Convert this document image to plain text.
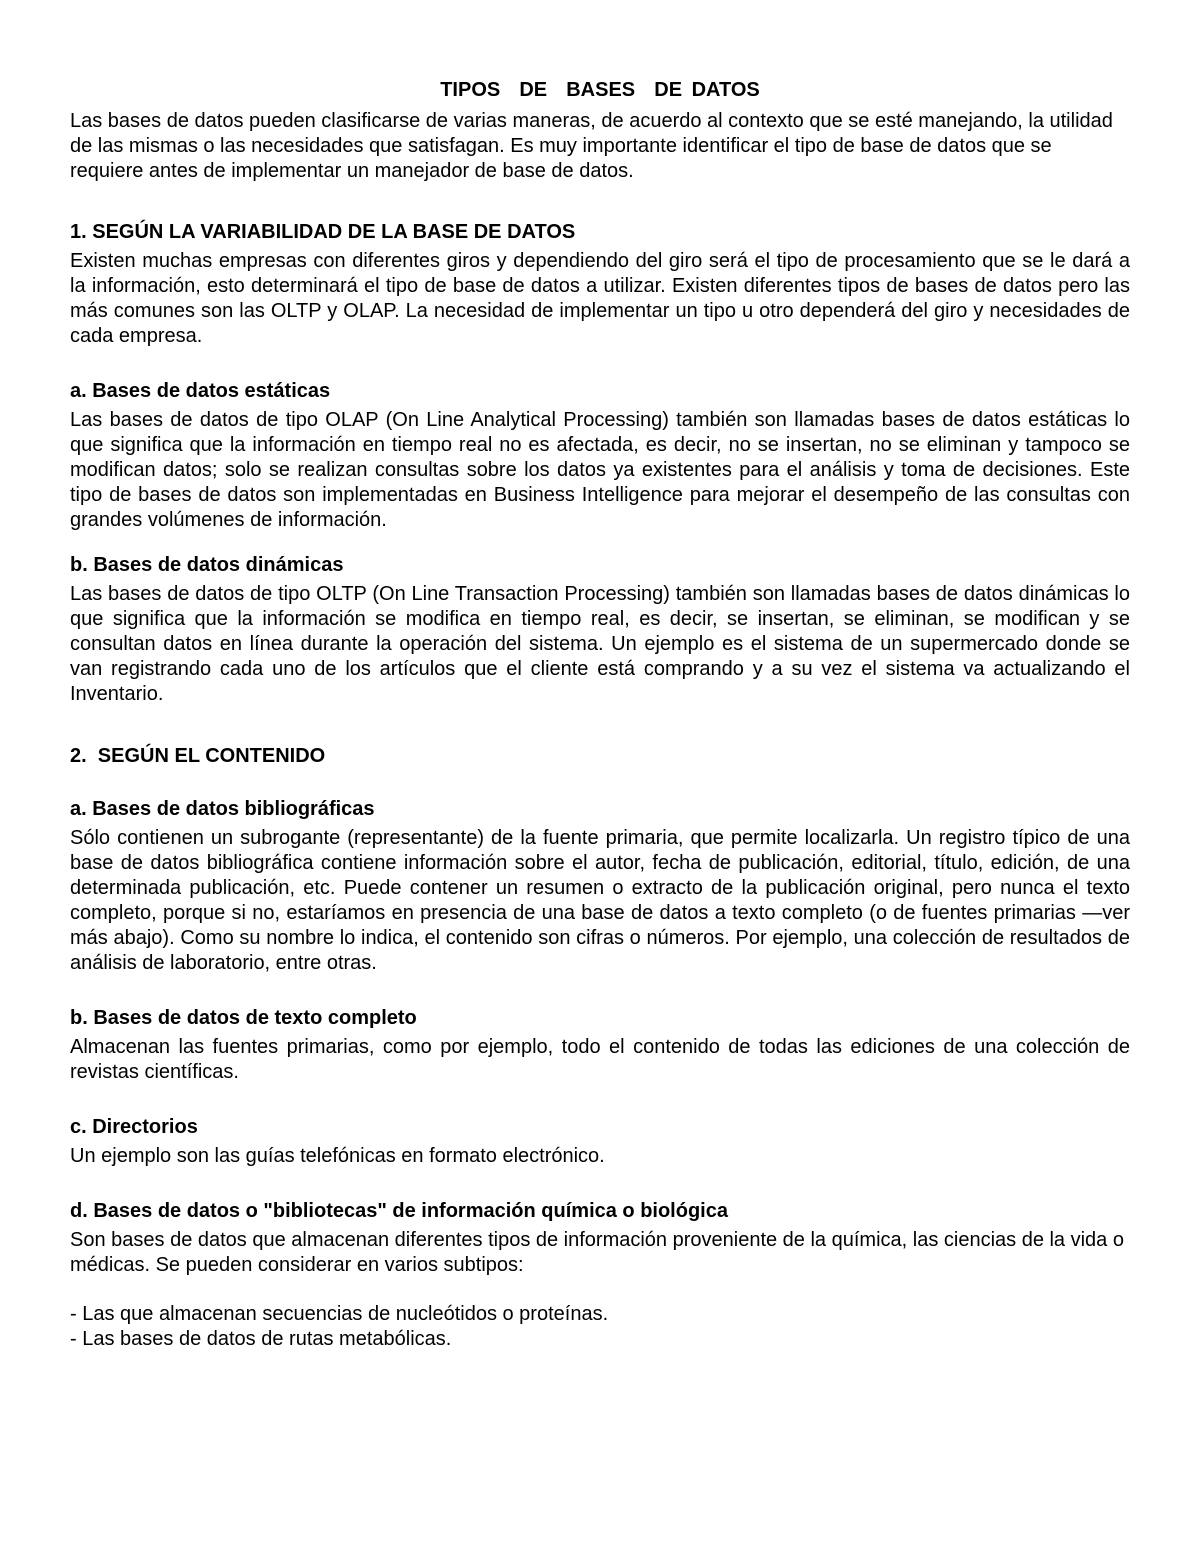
TIPOS  DE  BASES  DE DATOS

Las bases de datos pueden clasificarse de varias maneras, de acuerdo al contexto que se esté manejando, la utilidad de las mismas o las necesidades que satisfagan. Es muy importante identificar el tipo de base de datos que se requiere antes de implementar un manejador de base de datos.

1. SEGÚN LA VARIABILIDAD DE LA BASE DE DATOS

Existen muchas empresas con diferentes giros y dependiendo del giro será el tipo de procesamiento que se le dará a la información, esto determinará el tipo de base de datos a utilizar. Existen diferentes tipos de bases de datos pero las más comunes son las OLTP y OLAP. La necesidad de implementar un tipo u otro dependerá del giro y necesidades de cada empresa.

a. Bases de datos estáticas

Las bases de datos de tipo OLAP (On Line Analytical Processing) también son llamadas bases de datos estáticas lo que significa que la información en tiempo real no es afectada, es decir, no se insertan, no se eliminan y tampoco se modifican datos; solo se realizan consultas sobre los datos ya existentes para el análisis y toma de decisiones. Este tipo de bases de datos son implementadas en Business Intelligence para mejorar el desempeño de las consultas con grandes volúmenes de información.

b. Bases de datos dinámicas

Las bases de datos de tipo OLTP (On Line Transaction Processing) también son llamadas bases de datos dinámicas lo que significa que la información se modifica en tiempo real, es decir, se insertan, se eliminan, se modifican y se consultan datos en línea durante la operación del sistema. Un ejemplo es el sistema de un supermercado donde se van registrando cada uno de los artículos que el cliente está comprando y a su vez el sistema va actualizando el Inventario.

2.  SEGÚN EL CONTENIDO
a. Bases de datos bibliográficas

Sólo contienen un subrogante (representante) de la fuente primaria, que permite localizarla. Un registro típico de una base de datos bibliográfica contiene información sobre el autor, fecha de publicación, editorial, título, edición, de una determinada publicación, etc. Puede contener un resumen o extracto de la publicación original, pero nunca el texto completo, porque si no, estaríamos en presencia de una base de datos a texto completo (o de fuentes primarias —ver más abajo). Como su nombre lo indica, el contenido son cifras o números. Por ejemplo, una colección de resultados de análisis de laboratorio, entre otras.

b. Bases de datos de texto completo

Almacenan las fuentes primarias, como por ejemplo, todo el contenido de todas las ediciones de una colección de revistas científicas.

c. Directorios

Un ejemplo son las guías telefónicas en formato electrónico.

d. Bases de datos o "bibliotecas" de información química o biológica

Son bases de datos que almacenan diferentes tipos de información proveniente de la química, las ciencias de la vida o médicas. Se pueden considerar en varios subtipos:

- Las que almacenan secuencias de nucleótidos o proteínas.

- Las bases de datos de rutas metabólicas.
